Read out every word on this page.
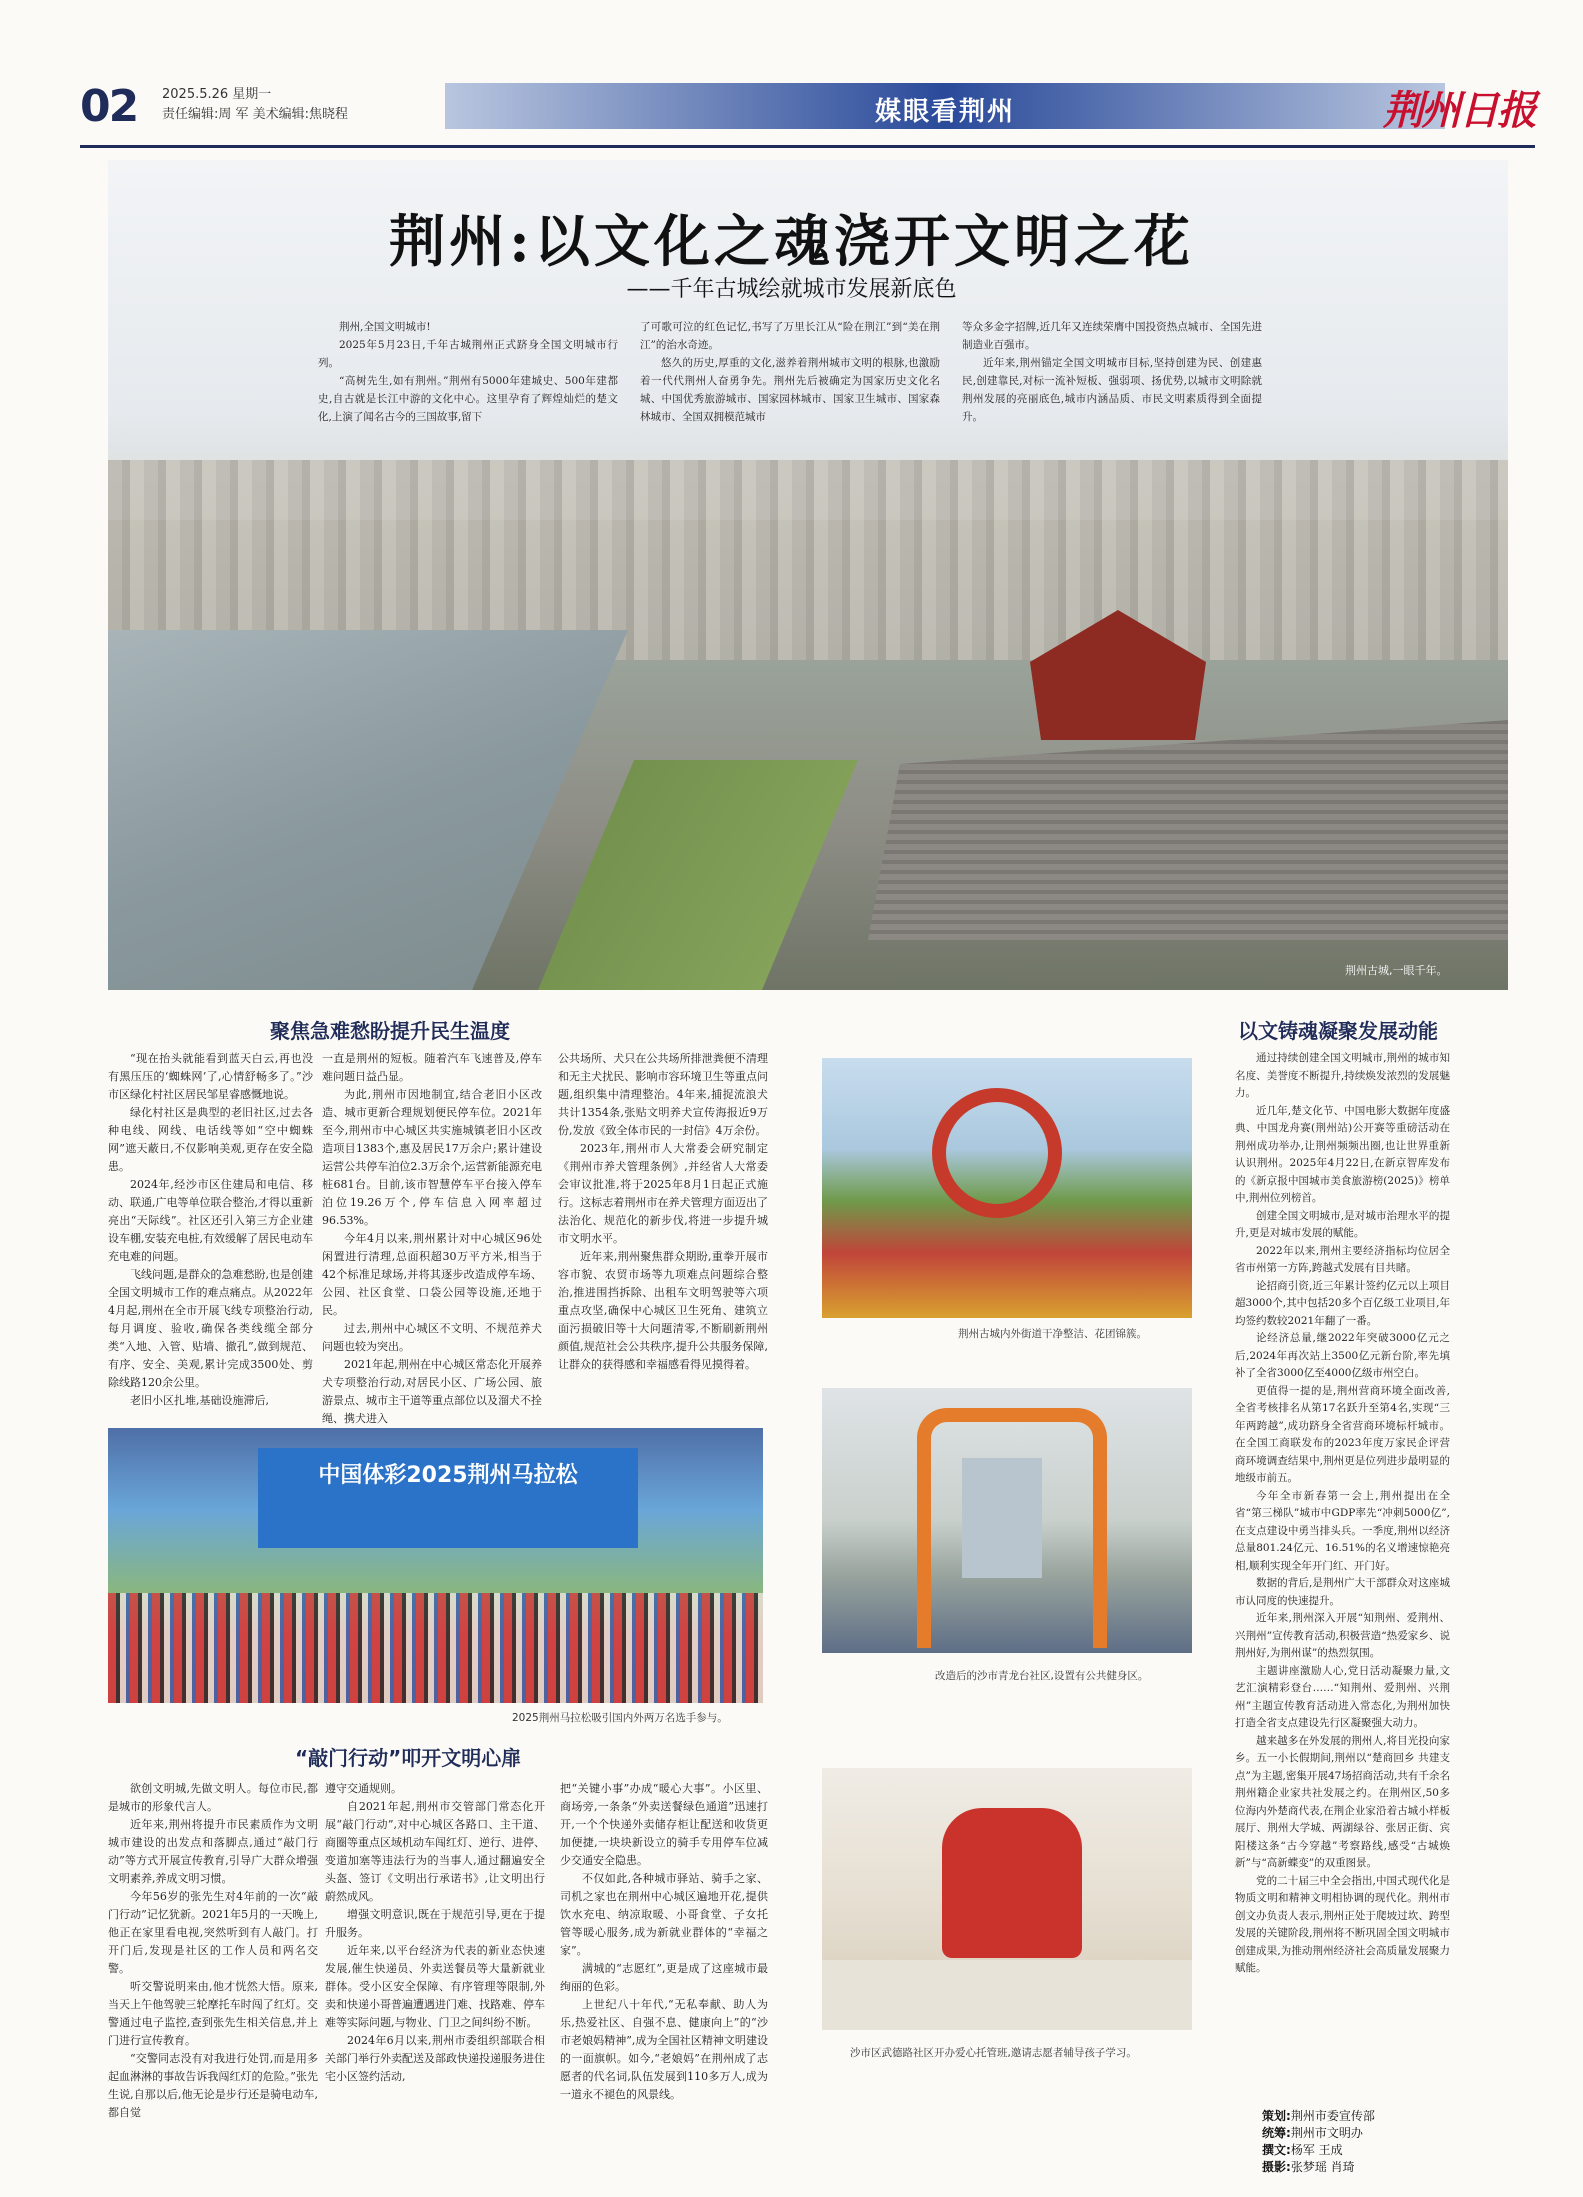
02 2025.5.26 星期一
责任编辑:周 军 美术编辑:焦晓程	媒眼看荆州	荆州日报
荆州:以文化之魂浇开文明之花
——千年古城绘就城市发展新底色

荆州,全国文明城市!

2025年5月23日,千年古城荆州正式跻身全国文明城市行列。

“高树先生,如有荆州。”荆州有5000年建城史、500年建都史,自古就是长江中游的文化中心。这里孕育了辉煌灿烂的楚文化,上演了闻名古今的三国故事,留下

了可歌可泣的红色记忆,书写了万里长江从“险在荆江”到“美在荆江”的治水奇迹。

悠久的历史,厚重的文化,滋养着荆州城市文明的根脉,也激励着一代代荆州人奋勇争先。荆州先后被确定为国家历史文化名城、中国优秀旅游城市、国家园林城市、国家卫生城市、国家森林城市、全国双拥模范城市

等众多金字招牌,近几年又连续荣膺中国投资热点城市、全国先进制造业百强市。

近年来,荆州锚定全国文明城市目标,坚持创建为民、创建惠民,创建靠民,对标一流补短板、强弱项、扬优势,以城市文明除就荆州发展的亮丽底色,城市内涵品质、市民文明素质得到全面提升。

荆州古城,一眼千年。
聚焦急难愁盼提升民生温度

“现在抬头就能看到蓝天白云,再也没有黑压压的‘蜘蛛网’了,心情舒畅多了。”沙市区绿化村社区居民邹星睿感慨地说。

绿化村社区是典型的老旧社区,过去各种电线、网线、电话线等如“空中蜘蛛网”遮天蔽日,不仅影响美观,更存在安全隐患。

2024年,经沙市区住建局和电信、移动、联通,广电等单位联合整治,才得以重新亮出“天际线”。社区还引入第三方企业建设车棚,安装充电桩,有效缓解了居民电动车充电难的问题。

飞线问题,是群众的急难愁盼,也是创建全国文明城市工作的难点痛点。从2022年4月起,荆州在全市开展飞线专项整治行动,每月调度、验收,确保各类线缆全部分类“入地、入管、贴墙、撤孔”,做到规范、有序、安全、美观,累计完成3500处、剪除线路120余公里。

老旧小区扎堆,基础设施滞后,

一直是荆州的短板。随着汽车飞速普及,停车难问题日益凸显。

为此,荆州市因地制宜,结合老旧小区改造、城市更新合理规划便民停车位。2021年至今,荆州市中心城区共实施城镇老旧小区改造项目1383个,惠及居民17万余户;累计建设运营公共停车泊位2.3万余个,运营新能源充电桩681台。目前,该市智慧停车平台接入停车泊位19.26万个,停车信息入网率超过96.53%。

今年4月以来,荆州累计对中心城区96处闲置进行清理,总面积超30万平方米,相当于42个标准足球场,并将其逐步改造成停车场、公园、社区食堂、口袋公园等设施,还地于民。

过去,荆州中心城区不文明、不规范养犬问题也较为突出。

2021年起,荆州在中心城区常态化开展养犬专项整治行动,对居民小区、广场公园、旅游景点、城市主干道等重点部位以及溜犬不拴绳、携犬进入

公共场所、犬只在公共场所排泄粪便不清理和无主犬扰民、影响市容环境卫生等重点问题,组织集中清理整治。4年来,捕捉流浪犬共计1354条,张贴文明养犬宣传海报近9万份,发放《致全体市民的一封信》4万余份。

2023年,荆州市人大常委会研究制定《荆州市养犬管理条例》,并经省人大常委会审议批准,将于2025年8月1日起正式施行。这标志着荆州市在养犬管理方面迈出了法治化、规范化的新步伐,将进一步提升城市文明水平。

近年来,荆州聚焦群众期盼,重拳开展市容市貌、农贸市场等九项难点问题综合整治,推进围挡拆除、出租车文明驾驶等六项重点攻坚,确保中心城区卫生死角、建筑立面污损破旧等十大问题清零,不断刷新荆州颜值,规范社会公共秩序,提升公共服务保障,让群众的获得感和幸福感看得见摸得着。

中国体彩2025荆州马拉松
2025荆州马拉松吸引国内外两万名选手参与。
“敲门行动”叩开文明心扉

欲创文明城,先做文明人。每位市民,都是城市的形象代言人。

近年来,荆州将提升市民素质作为文明城市建设的出发点和落脚点,通过“敲门行动”等方式开展宣传教育,引导广大群众增强文明素养,养成文明习惯。

今年56岁的张先生对4年前的一次“敲门行动”记忆犹新。2021年5月的一天晚上,他正在家里看电视,突然听到有人敲门。打开门后,发现是社区的工作人员和两名交警。

听交警说明来由,他才恍然大悟。原来,当天上午他驾驶三轮摩托车时闯了红灯。交警通过电子监控,查到张先生相关信息,并上门进行宣传教育。

“交警同志没有对我进行处罚,而是用多起血淋淋的事故告诉我闯红灯的危险。”张先生说,自那以后,他无论是步行还是骑电动车,都自觉

遵守交通规则。

自2021年起,荆州市交管部门常态化开展“敲门行动”,对中心城区各路口、主干道、商圈等重点区域机动车闯红灯、逆行、进停、变道加塞等违法行为的当事人,通过翻遍安全头盔、签订《文明出行承诺书》,让文明出行蔚然成风。

增强文明意识,既在于规范引导,更在于提升服务。

近年来,以平台经济为代表的新业态快速发展,催生快递员、外卖送餐员等大量新就业群体。受小区安全保障、有序管理等限制,外卖和快递小哥普遍遭遇进门难、找路难、停车难等实际问题,与物业、门卫之间纠纷不断。

2024年6月以来,荆州市委组织部联合相关部门举行外卖配送及部政快递投递服务进住宅小区签约活动,

把“关键小事”办成“暖心大事”。小区里、商场旁,一条条“外卖送餐绿色通道”迅速打开,一个个快递外卖储存柜让配送和收货更加便捷,一块块新设立的骑手专用停车位减少交通安全隐患。

不仅如此,各种城市驿站、骑手之家、司机之家也在荆州中心城区遍地开花,提供饮水充电、纳凉取暖、小哥食堂、子女托管等暖心服务,成为新就业群体的“幸福之家”。

满城的“志愿红”,更是成了这座城市最绚丽的色彩。

上世纪八十年代,“无私奉献、助人为乐,热爱社区、自强不息、健康向上”的“沙市老娘妈精神”,成为全国社区精神文明建设的一面旗帜。如今,“老娘妈”在荆州成了志愿者的代名词,队伍发展到110多万人,成为一道永不褪色的风景线。

荆州古城内外街道干净整洁、花团锦簇。
改造后的沙市青龙台社区,设置有公共健身区。
沙市区武德路社区开办爱心托管班,邀请志愿者辅导孩子学习。
以文铸魂凝聚发展动能

通过持续创建全国文明城市,荆州的城市知名度、美誉度不断提升,持续焕发浓烈的发展魅力。

近几年,楚文化节、中国电影大数据年度盛典、中国龙舟赛(荆州站)公开赛等重磅活动在荆州成功举办,让荆州频频出圈,也让世界重新认识荆州。2025年4月22日,在新京智库发布的《新京报中国城市美食旅游榜(2025)》榜单中,荆州位列榜首。

创建全国文明城市,是对城市治理水平的提升,更是对城市发展的赋能。

2022年以来,荆州主要经济指标均位居全省市州第一方阵,跨越式发展有目共睹。

论招商引资,近三年累计签约亿元以上项目超3000个,其中包括20多个百亿级工业项目,年均签约数较2021年翻了一番。

论经济总量,继2022年突破3000亿元之后,2024年再次站上3500亿元新台阶,率先填补了全省3000亿至4000亿级市州空白。

更值得一提的是,荆州营商环境全面改善,全省考核排名从第17名跃升至第4名,实现“三年两跨越”,成功跻身全省营商环境标杆城市。在全国工商联发布的2023年度万家民企评营商环境调查结果中,荆州更是位列进步最明显的地级市前五。

今年全市新春第一会上,荆州提出在全省“第三梯队”城市中GDP率先“冲刺5000亿”,在支点建设中勇当排头兵。一季度,荆州以经济总量801.24亿元、16.51%的名义增速惊艳亮相,顺利实现全年开门红、开门好。

数据的背后,是荆州广大干部群众对这座城市认同度的快速提升。

近年来,荆州深入开展“知荆州、爱荆州、兴荆州”宣传教育活动,积极营造“热爱家乡、说荆州好,为荆州谋”的热烈氛围。

主题讲座激励人心,党日活动凝聚力量,文艺汇演精彩登台……“知荆州、爱荆州、兴荆州”主题宣传教育活动进入常态化,为荆州加快打造全省支点建设先行区凝聚强大动力。

越来越多在外发展的荆州人,将目光投向家乡。五一小长假期间,荆州以“楚商回乡 共建支点”为主题,密集开展47场招商活动,共有千余名荆州籍企业家共社发展之约。在荆州区,50多位海内外楚商代表,在荆企业家沿着古城小样板展厅、荆州大学城、两湖绿谷、张居正街、宾阳楼这条“古今穿越”考察路线,感受“古城焕新”与“高新蝶变”的双重图景。

党的二十届三中全会指出,中国式现代化是物质文明和精神文明相协调的现代化。荆州市创文办负责人表示,荆州正处于爬坡过坎、跨型发展的关键阶段,荆州将不断巩固全国文明城市创建成果,为推动荆州经济社会高质量发展聚力赋能。

策划:荆州市委宣传部
统筹:荆州市文明办
撰文:杨军 王成
摄影:张梦瑶 肖琦
